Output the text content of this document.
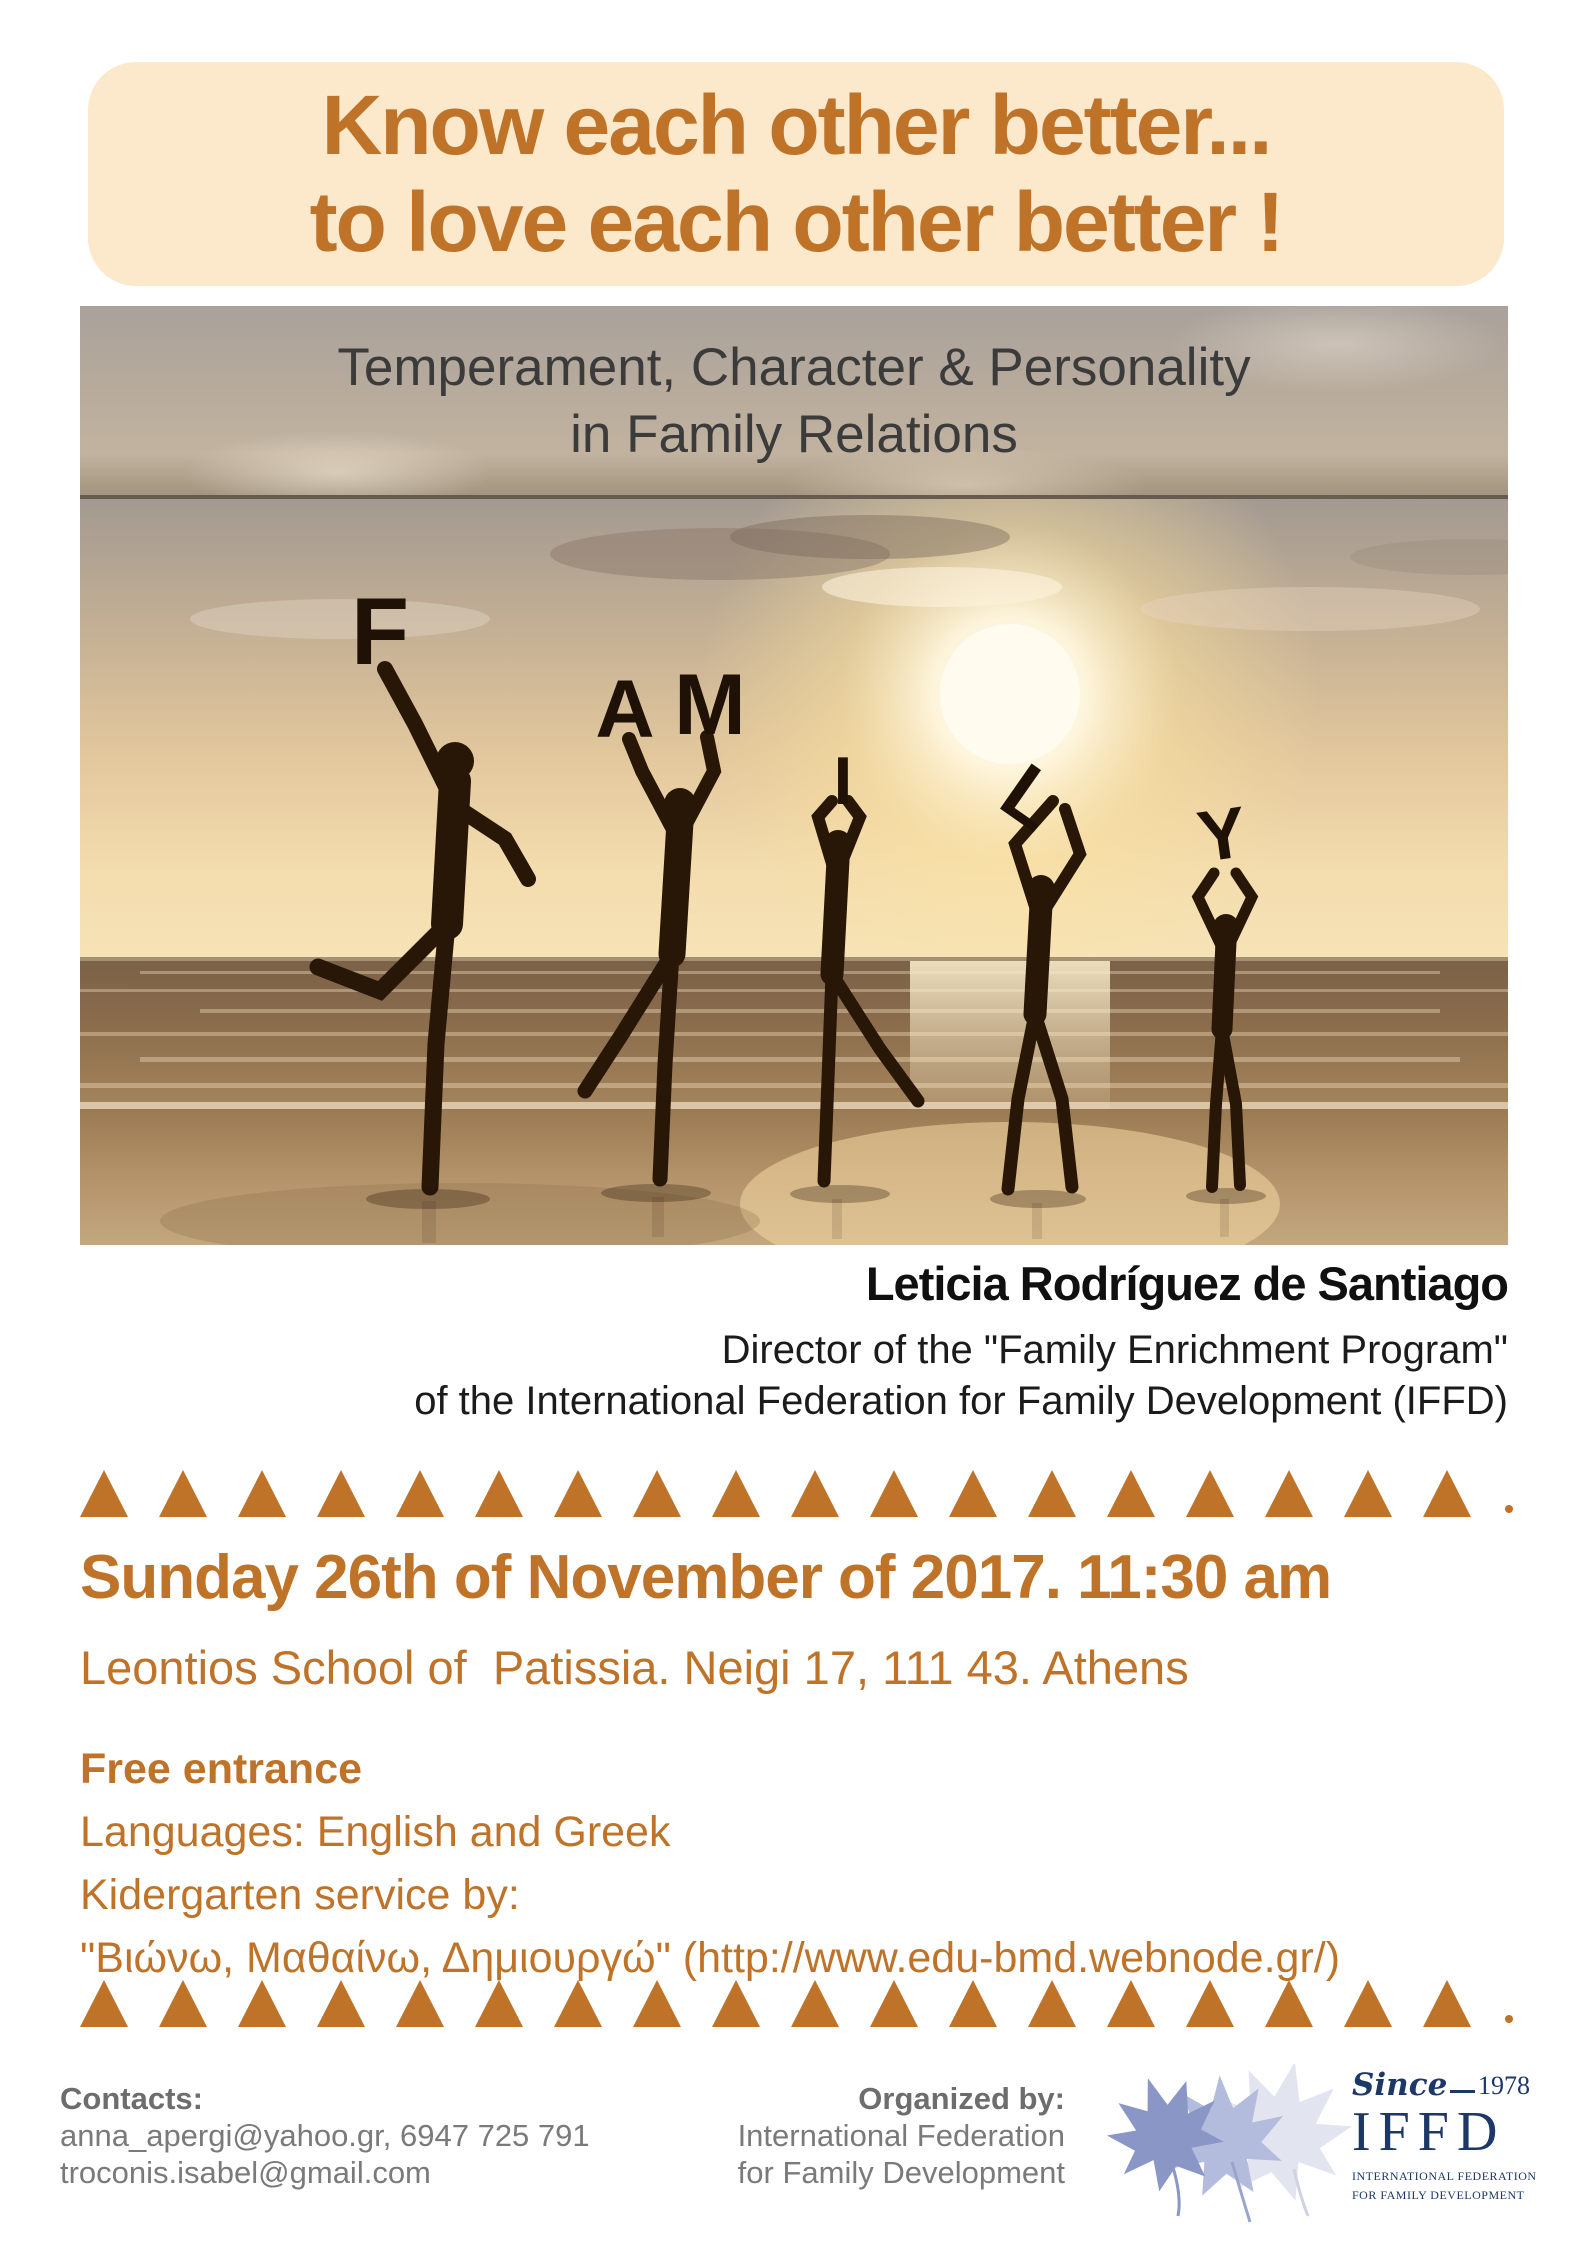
Know each other better...
to love each other better !
Temperament, Character & Personality
in Family Relations
F
A M
I L Y
Leticia Rodríguez de Santiago
Director of the "Family Enrichment Program"
of the International Federation for Family Development (IFFD)
Sunday 26th of November of 2017. 11:30 am
Leontios School of  Patissia. Neigi 17, 111 43. Athens
Free entrance
Languages: English and Greek
Kidergarten service by:
"Βιώνω, Μαθαίνω, Δημιουργώ" (http://www.edu-bmd.webnode.gr/)
Contacts:
anna_apergi@yahoo.gr, 6947 725 791
troconis.isabel@gmail.com
Organized by:
International Federation
for Family Development
Since 1978
IFFD
INTERNATIONAL FEDERATION
FOR FAMILY DEVELOPMENT
